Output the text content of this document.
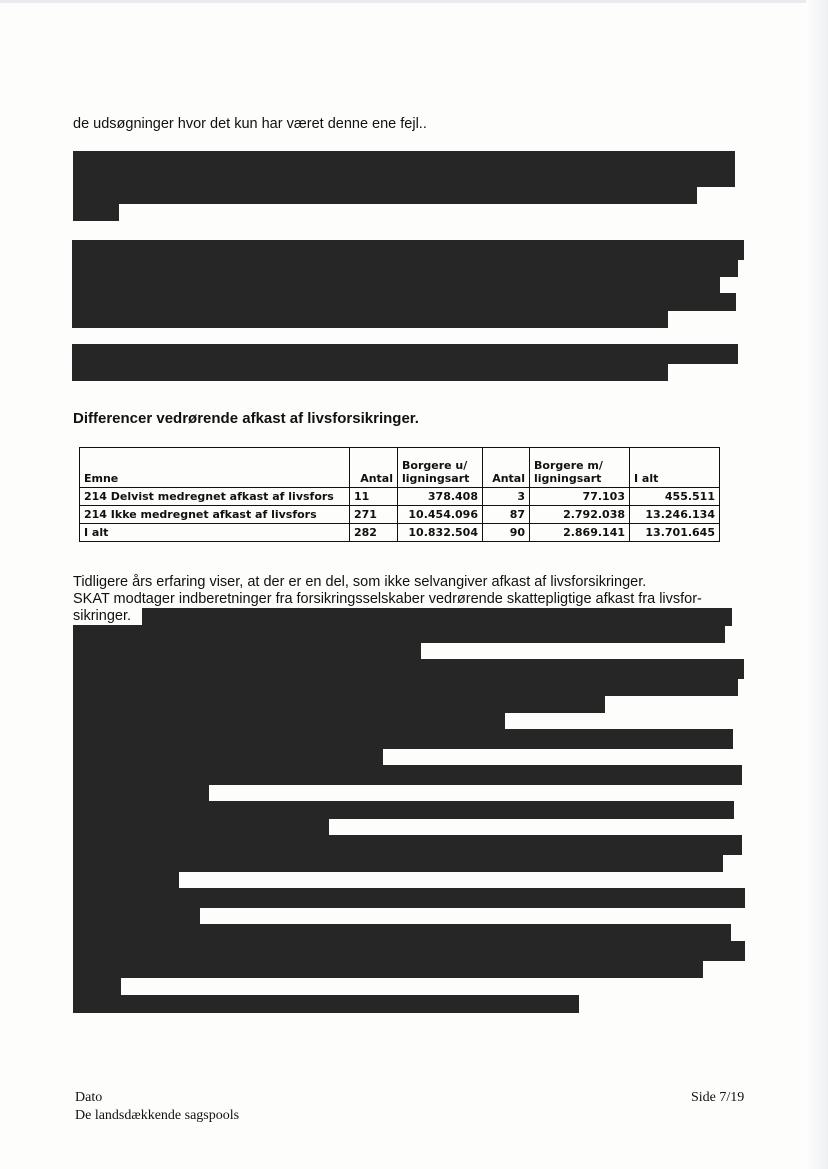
de udsøgninger hvor det kun har været denne ene fejl..
Differencer vedrørende afkast af livsforsikringer.
Emne	Antal	Borgere u/ ligningsart	Antal	Borgere m/ ligningsart	I alt
214 Delvist medregnet afkast af livsfors	11	378.408	3	77.103	455.511
214 Ikke medregnet afkast af livsfors	271	10.454.096	87	2.792.038	13.246.134
I alt	282	10.832.504	90	2.869.141	13.701.645
Tidligere års erfaring viser, at der er en del, som ikke selvangiver afkast af livsforsikringer.
SKAT modtager indberetninger fra forsikringsselskaber vedrørende skattepligtige afkast fra livsfor-
sikringer.
Dato
De landsdækkende sagspools
Side 7/19
